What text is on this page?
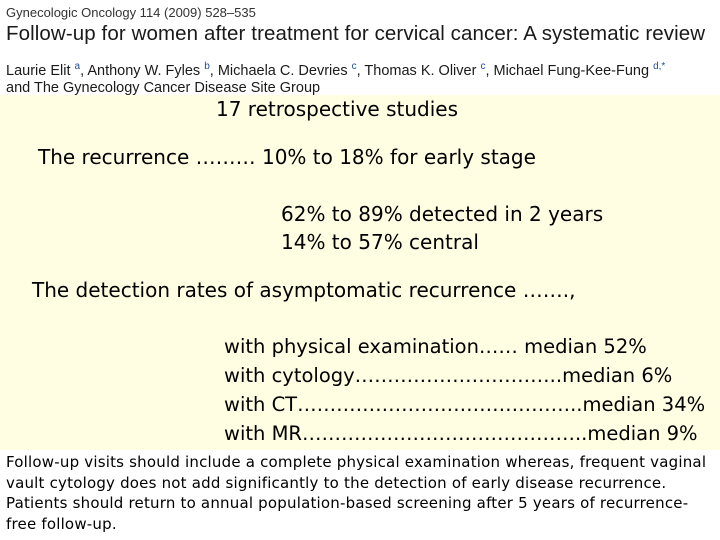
Gynecologic Oncology 114 (2009) 528–535
Follow-up for women after treatment for cervical cancer: A systematic review
Laurie Elit $^a$, Anthony W. Fyles $^b$, Michaela C. Devries $^c$, Thomas K. Oliver $^c$, Michael Fung-Kee-Fung $^{d,*}$
and The Gynecology Cancer Disease Site Group
17 retrospective studies
The recurrence ……… 10% to 18% for early stage
62% to 89% detected in 2 years
14% to 57% central
The detection rates of asymptomatic recurrence …….,
with physical examination…… median 52%
with cytology…………………………..median 6%
with CT……………………………………..median 34%
with MR……………………………………..median 9%

Follow-up visits should include a complete physical examination whereas, frequent vaginal vault cytology does not add significantly to the detection of early disease recurrence. Patients should return to annual population-based screening after 5 years of recurrence-free follow-up.
